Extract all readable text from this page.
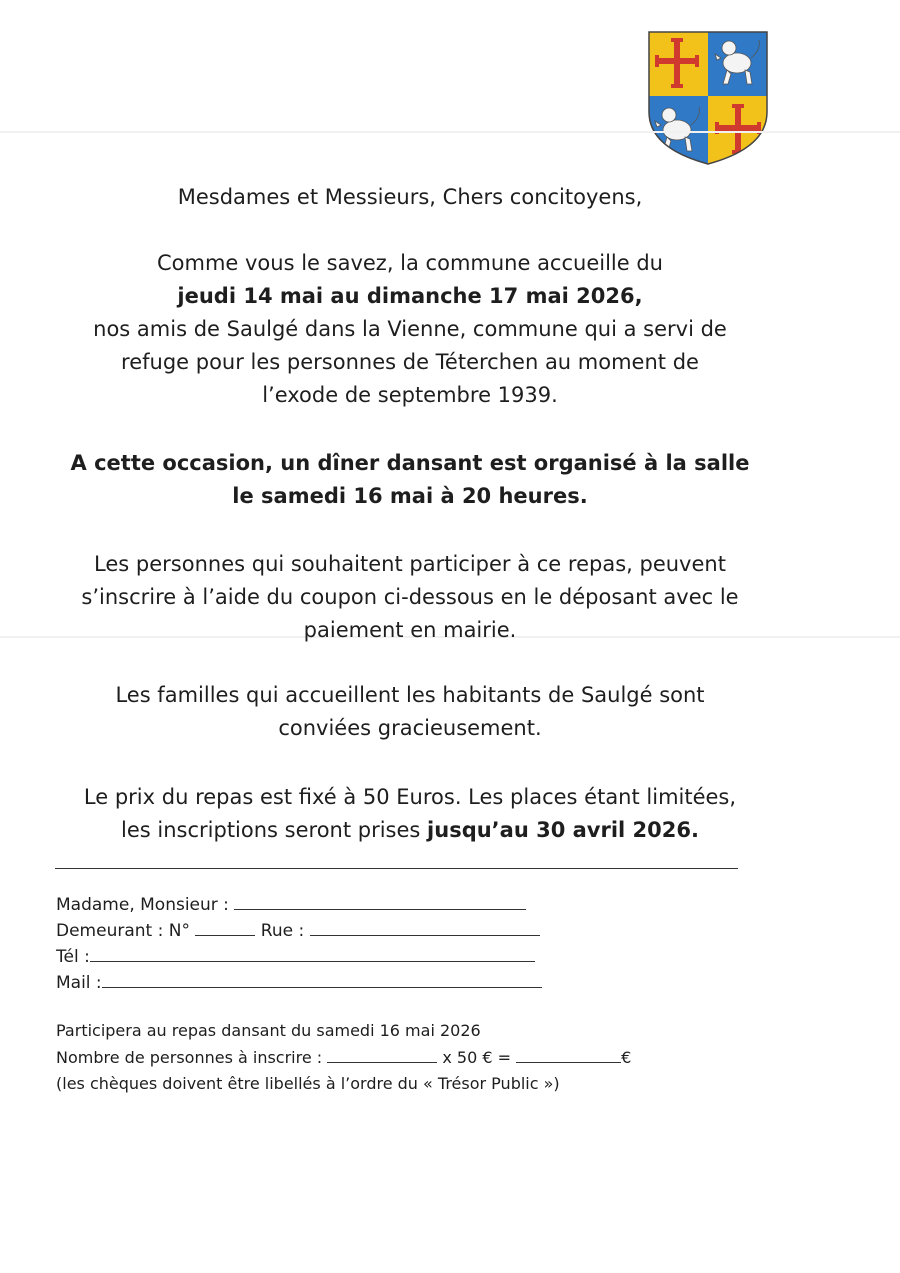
Mesdames et Messieurs, Chers concitoyens,
Comme vous le savez, la commune accueille du
jeudi 14 mai au dimanche 17 mai 2026,
nos amis de Saulgé dans la Vienne, commune qui a servi de
refuge pour les personnes de Téterchen au moment de
l’exode de septembre 1939.
A cette occasion, un dîner dansant est organisé à la salle
le samedi 16 mai à 20 heures.
Les personnes qui souhaitent participer à ce repas, peuvent
s’inscrire à l’aide du coupon ci-dessous en le déposant avec le
paiement en mairie.
Les familles qui accueillent les habitants de Saulgé sont
conviées gracieusement.
Le prix du repas est fixé à 50 Euros. Les places étant limitées,
les inscriptions seront prises jusqu’au 30 avril 2026.
Madame, Monsieur :
Demeurant : N°	Rue :
Tél :
Mail :
Participera au repas dansant du samedi 16 mai 2026
Nombre de personnes à inscrire :	x 50 € =	€
(les chèques doivent être libellés à l’ordre du « Trésor Public »)
